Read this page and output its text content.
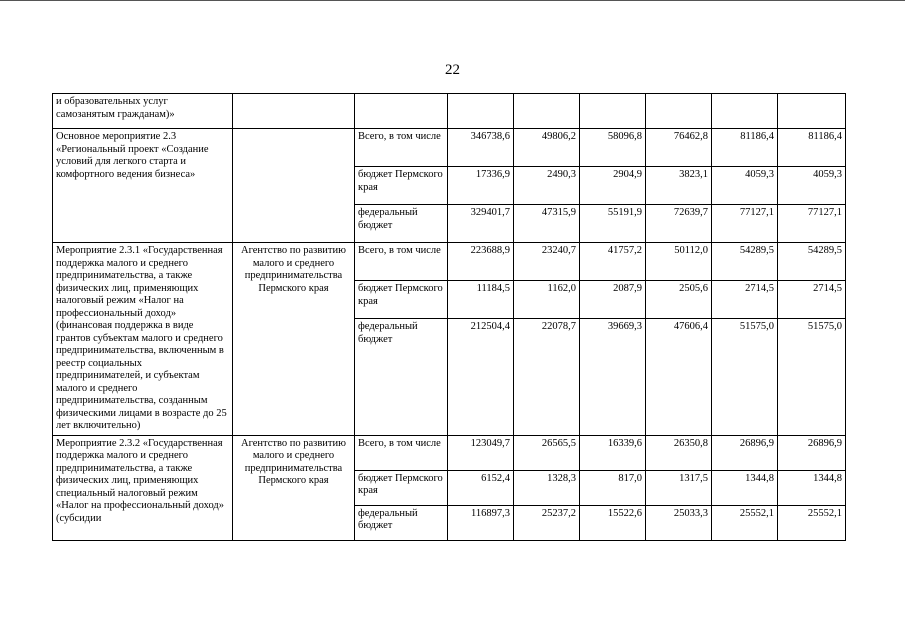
22
и образовательных услуг самозанятым гражданам)»								
Основное мероприятие 2.3 «Региональный проект «Создание условий для легкого старта и комфортного ведения бизнеса»		Всего, в том числе	346738,6	49806,2	58096,8	76462,8	81186,4	81186,4
		бюджет Пермского края	17336,9	2490,3	2904,9	3823,1	4059,3	4059,3
		федеральный бюджет	329401,7	47315,9	55191,9	72639,7	77127,1	77127,1
Мероприятие 2.3.1 «Государственная поддержка малого и среднего предпринимательства, а также физических лиц, применяющих налоговый режим «Налог на профессиональный доход» (финансовая поддержка в виде грантов субъектам малого и среднего предпринимательства, включенным в реестр социальных предпринимателей, и субъектам малого и среднего предпринимательства, созданным физическими лицами в возрасте до 25 лет включительно)	Агентство по развитию малого и среднего предпринимательства Пермского края	Всего, в том числе	223688,9	23240,7	41757,2	50112,0	54289,5	54289,5
		бюджет Пермского края	11184,5	1162,0	2087,9	2505,6	2714,5	2714,5
		федеральный бюджет	212504,4	22078,7	39669,3	47606,4	51575,0	51575,0
Мероприятие 2.3.2 «Государственная поддержка малого и среднего предпринимательства, а также физических лиц, применяющих специальный налоговый режим «Налог на профессиональный доход» (субсидии	Агентство по развитию малого и среднего предпринимательства Пермского края	Всего, в том числе	123049,7	26565,5	16339,6	26350,8	26896,9	26896,9
		бюджет Пермского края	6152,4	1328,3	817,0	1317,5	1344,8	1344,8
		федеральный бюджет	116897,3	25237,2	15522,6	25033,3	25552,1	25552,1
